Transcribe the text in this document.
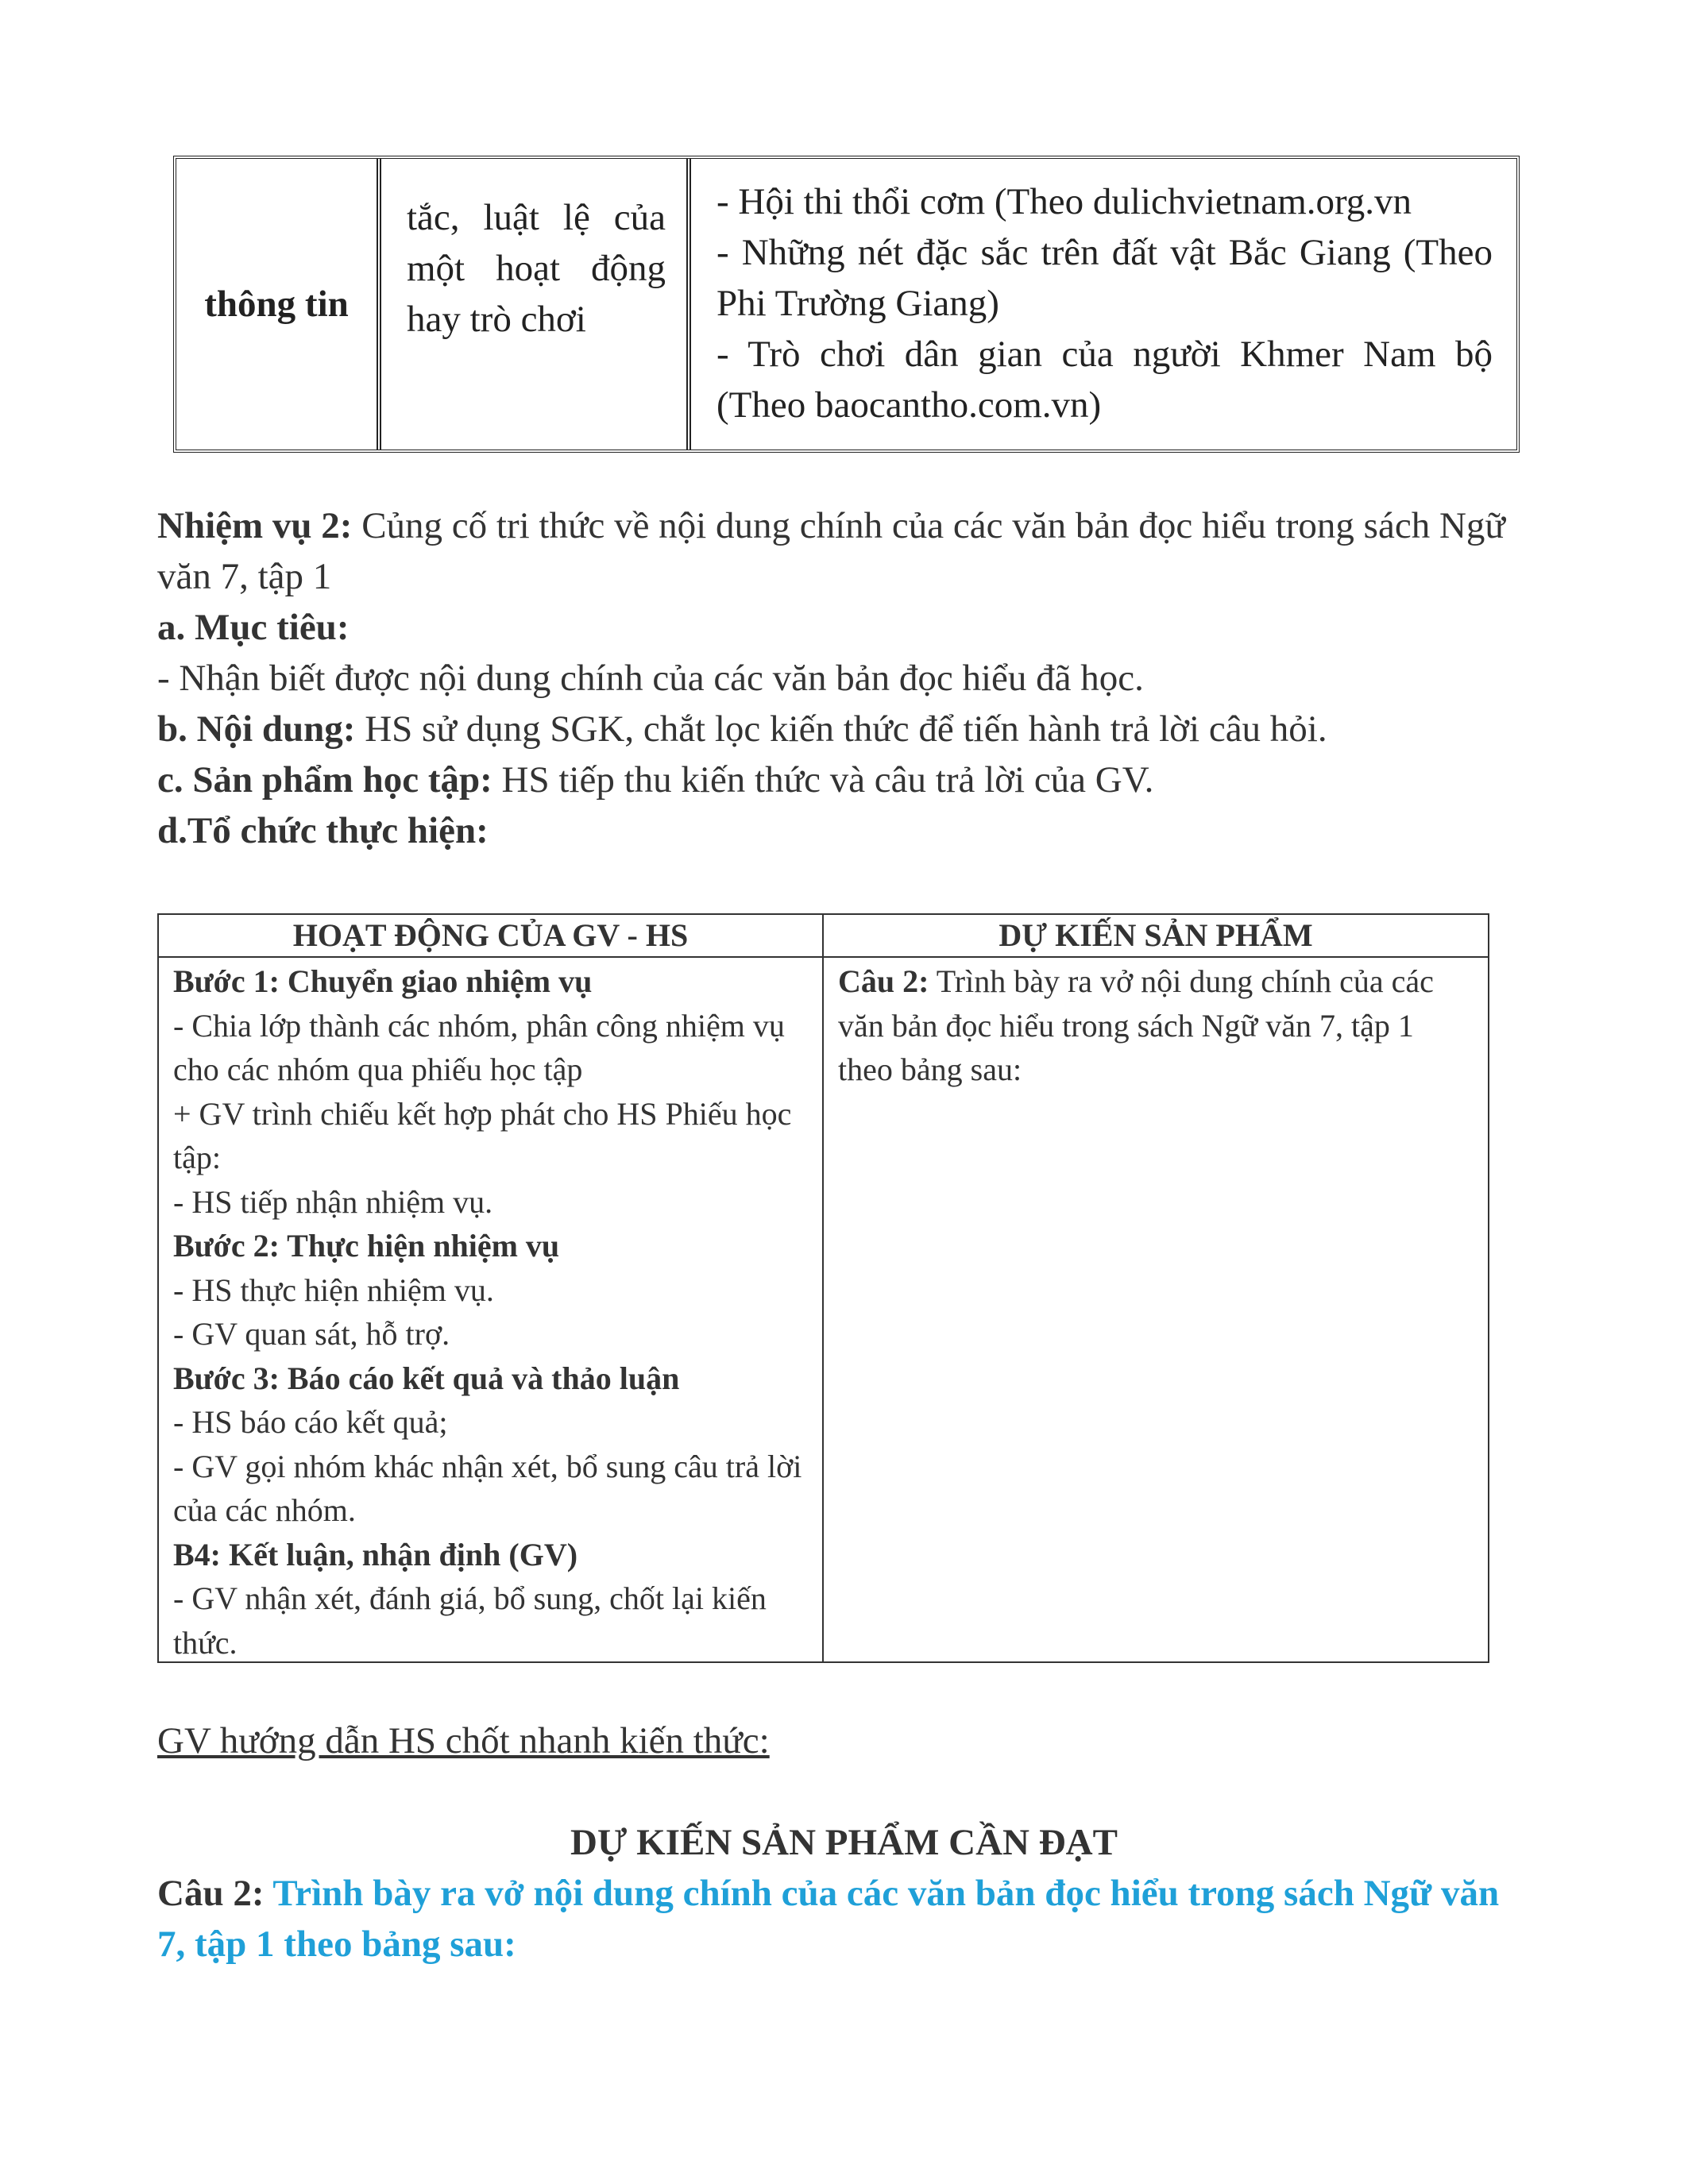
thông tin
tắc, luật lệ của một hoạt động hay trò chơi
- Hội thi thổi cơm (Theo dulichvietnam.org.vn
- Những nét đặc sắc trên đất vật Bắc Giang (Theo Phi Trường Giang)
- Trò chơi dân gian của người Khmer Nam bộ (Theo baocantho.com.vn)
Nhiệm vụ 2: Củng cố tri thức về nội dung chính của các văn bản đọc hiểu trong sách Ngữ văn 7, tập 1
a. Mục tiêu:
- Nhận biết được nội dung chính của các văn bản đọc hiểu đã học.
b. Nội dung: HS sử dụng SGK, chắt lọc kiến thức để tiến hành trả lời câu hỏi.
c. Sản phẩm học tập: HS tiếp thu kiến thức và câu trả lời của GV.
d.Tổ chức thực hiện:
HOẠT ĐỘNG CỦA GV - HS	DỰ KIẾN SẢN PHẨM
Bước 1: Chuyển giao nhiệm vụ
- Chia lớp thành các nhóm, phân công nhiệm vụ cho các nhóm qua phiếu học tập
+ GV trình chiếu kết hợp phát cho HS Phiếu học tập:
- HS tiếp nhận nhiệm vụ.
Bước 2: Thực hiện nhiệm vụ
- HS thực hiện nhiệm vụ.
- GV quan sát, hỗ trợ.
Bước 3: Báo cáo kết quả và thảo luận
- HS báo cáo kết quả;
- GV gọi nhóm khác nhận xét, bổ sung câu trả lời của các nhóm.
B4: Kết luận, nhận định (GV)
- GV nhận xét, đánh giá, bổ sung, chốt lại kiến thức.
Câu 2: Trình bày ra vở nội dung chính của các văn bản đọc hiểu trong sách Ngữ văn 7, tập 1 theo bảng sau:
GV hướng dẫn HS chốt nhanh kiến thức:
DỰ KIẾN SẢN PHẨM CẦN ĐẠT
Câu 2: Trình bày ra vở nội dung chính của các văn bản đọc hiểu trong sách Ngữ văn 7, tập 1 theo bảng sau:
